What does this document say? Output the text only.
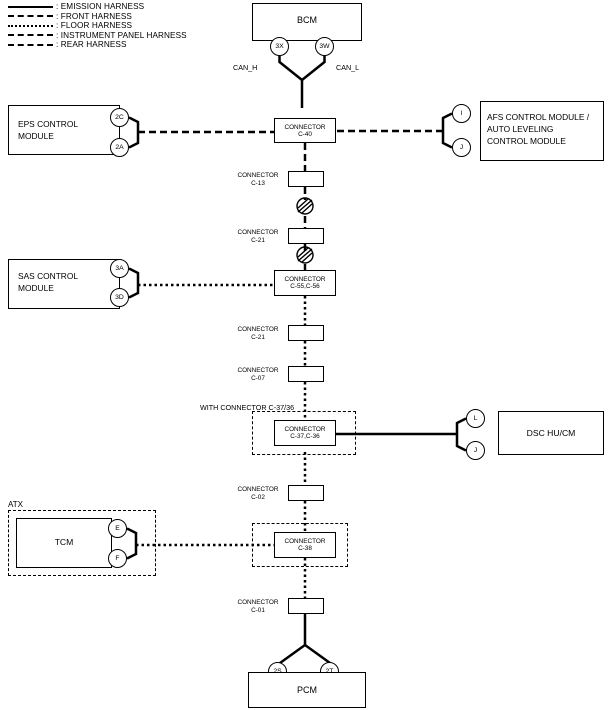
: EMISSION HARNESS
: FRONT HARNESS
: FLOOR HARNESS
: INSTRUMENT PANEL HARNESS
: REAR HARNESS
BCM
3X	3W
CAN_H	CAN_L
EPS CONTROL
MODULE
2C
2A
AFS CONTROL MODULE /
AUTO LEVELING
CONTROL MODULE
I
J
CONNECTOR
C-40
CONNECTOR
C-13
CONNECTOR
C-21
SAS CONTROL
MODULE
3A
3D
CONNECTOR
C-55,C-56
CONNECTOR
C-21
CONNECTOR
C-07
WITH CONNECTOR C-37/36
CONNECTOR
C-37,C-36	DSC HU/CM
L
J
CONNECTOR
C-02
ATX
TCM
E
F
CONNECTOR
C-38
CONNECTOR
C-01
PCM
